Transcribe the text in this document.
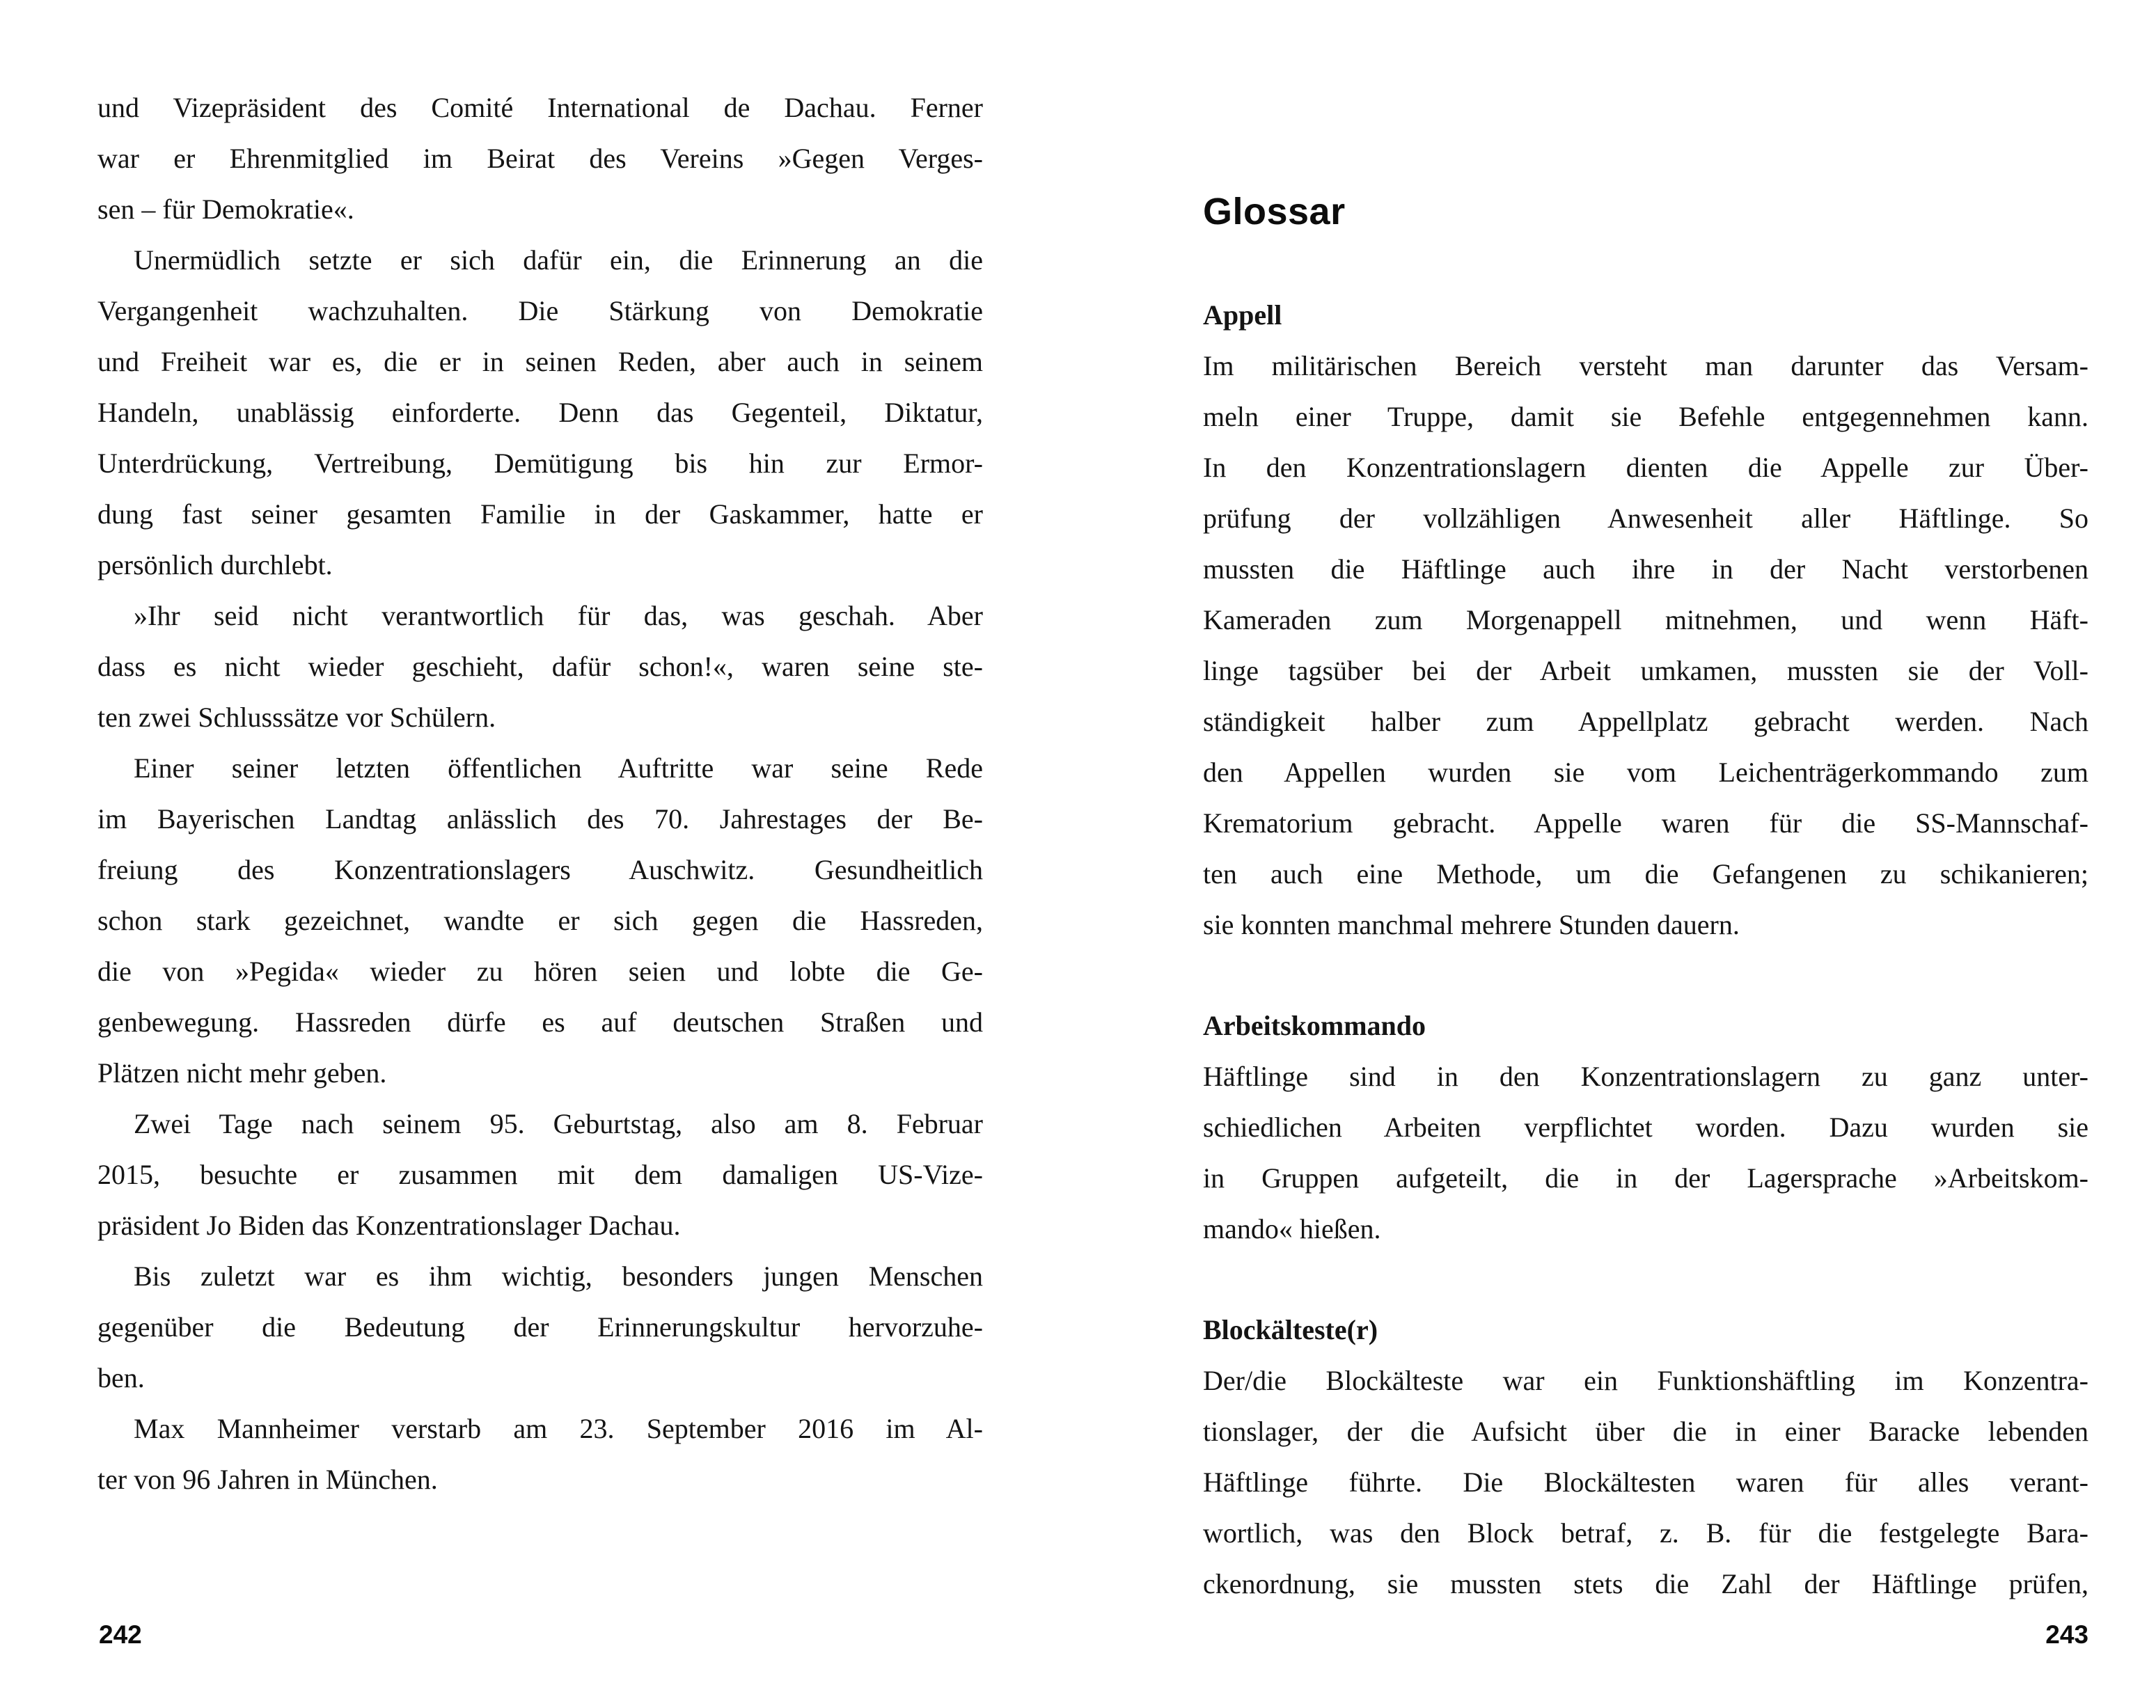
und Vizepräsident des Comité International de Dachau. Ferner
war er Ehrenmitglied im Beirat des Vereins »Gegen Verges-
sen – für Demokratie«.
Unermüdlich setzte er sich dafür ein, die Erinnerung an die
Vergangenheit wachzuhalten. Die Stärkung von Demokratie
und Freiheit war es, die er in seinen Reden, aber auch in seinem
Handeln, unablässig einforderte. Denn das Gegenteil, Diktatur,
Unterdrückung, Vertreibung, Demütigung bis hin zur Ermor-
dung fast seiner gesamten Familie in der Gaskammer, hatte er
persönlich durchlebt.
»Ihr seid nicht verantwortlich für das, was geschah. Aber
dass es nicht wieder geschieht, dafür schon!«, waren seine ste-
ten zwei Schlusssätze vor Schülern.
Einer seiner letzten öffentlichen Auftritte war seine Rede
im Bayerischen Landtag anlässlich des 70. Jahrestages der Be-
freiung des Konzentrationslagers Auschwitz. Gesundheitlich
schon stark gezeichnet, wandte er sich gegen die Hassreden,
die von »Pegida« wieder zu hören seien und lobte die Ge-
genbewegung. Hassreden dürfe es auf deutschen Straßen und
Plätzen nicht mehr geben.
Zwei Tage nach seinem 95. Geburtstag, also am 8. Februar
2015, besuchte er zusammen mit dem damaligen US-Vize-
präsident Jo Biden das Konzentrationslager Dachau.
Bis zuletzt war es ihm wichtig, besonders jungen Menschen
gegenüber die Bedeutung der Erinnerungskultur hervorzuhe-
ben.
Max Mannheimer verstarb am 23. September 2016 im Al-
ter von 96 Jahren in München.
Glossar
Appell
Im militärischen Bereich versteht man darunter das Versam-
meln einer Truppe, damit sie Befehle entgegennehmen kann.
In den Konzentrationslagern dienten die Appelle zur Über-
prüfung der vollzähligen Anwesenheit aller Häftlinge. So
mussten die Häftlinge auch ihre in der Nacht verstorbenen
Kameraden zum Morgenappell mitnehmen, und wenn Häft-
linge tagsüber bei der Arbeit umkamen, mussten sie der Voll-
ständigkeit halber zum Appellplatz gebracht werden. Nach
den Appellen wurden sie vom Leichenträgerkommando zum
Krematorium gebracht. Appelle waren für die SS-Mannschaf-
ten auch eine Methode, um die Gefangenen zu schikanieren;
sie konnten manchmal mehrere Stunden dauern.
Arbeitskommando
Häftlinge sind in den Konzentrationslagern zu ganz unter-
schiedlichen Arbeiten verpflichtet worden. Dazu wurden sie
in Gruppen aufgeteilt, die in der Lagersprache »Arbeitskom-
mando« hießen.
Blockälteste(r)
Der/die Blockälteste war ein Funktionshäftling im Konzentra-
tionslager, der die Aufsicht über die in einer Baracke lebenden
Häftlinge führte. Die Blockältesten waren für alles verant-
wortlich, was den Block betraf, z. B. für die festgelegte Bara-
ckenordnung, sie mussten stets die Zahl der Häftlinge prüfen,
242	243
